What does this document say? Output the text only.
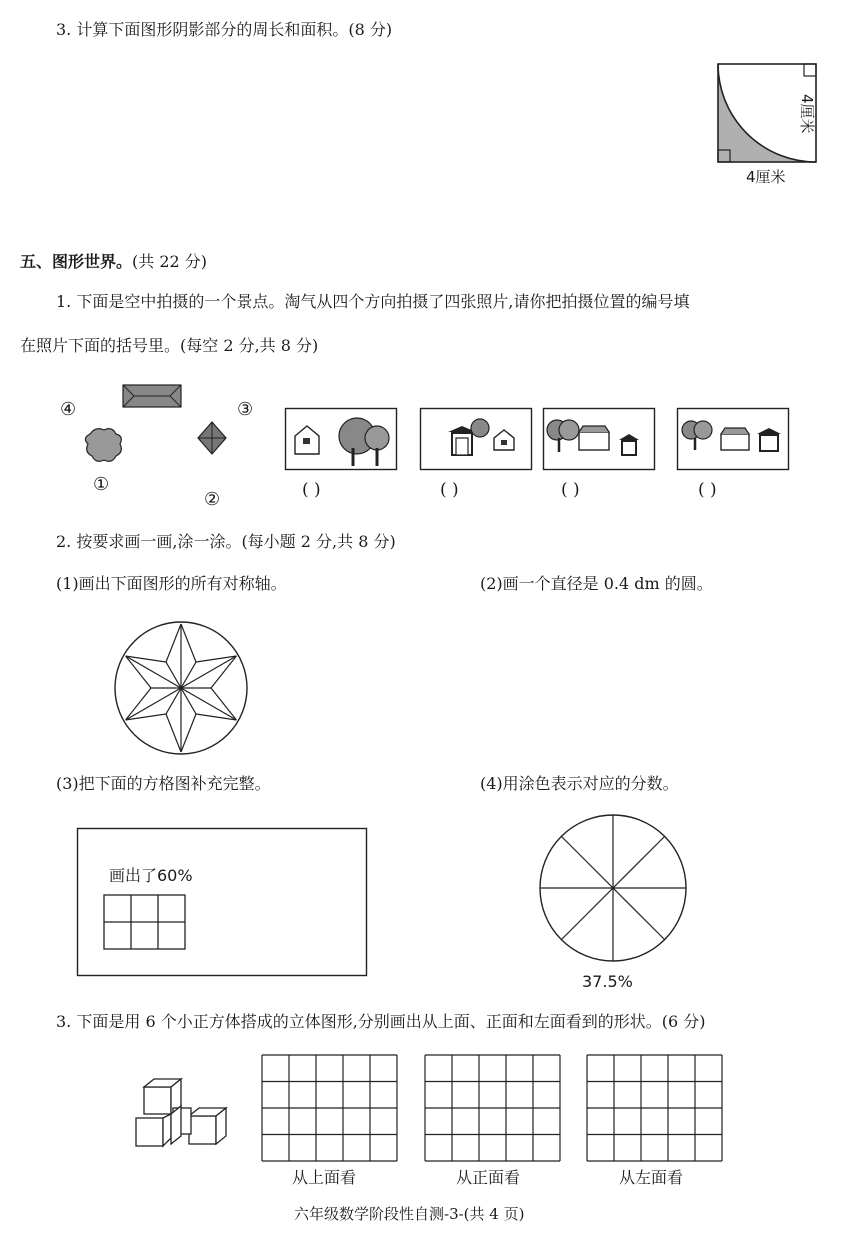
3. 计算下面图形阴影部分的周长和面积。(8 分)
4厘米
4厘米
五、图形世界。(共 22 分)
1. 下面是空中拍摄的一个景点。淘气从四个方向拍摄了四张照片,请你把拍摄位置的编号填
在照片下面的括号里。(每空 2 分,共 8 分)
④	③
①
②	( )	( )	( )	( )
2. 按要求画一画,涂一涂。(每小题 2 分,共 8 分)
(1)画出下面图形的所有对称轴。	(2)画一个直径是 0.4 dm 的圆。
(3)把下面的方格图补充完整。	(4)用涂色表示对应的分数。
画出了60%
37.5%
3. 下面是用 6 个小正方体搭成的立体图形,分别画出从上面、正面和左面看到的形状。(6 分)
从上面看	从正面看	从左面看
六年级数学阶段性自测-3-(共 4 页)
